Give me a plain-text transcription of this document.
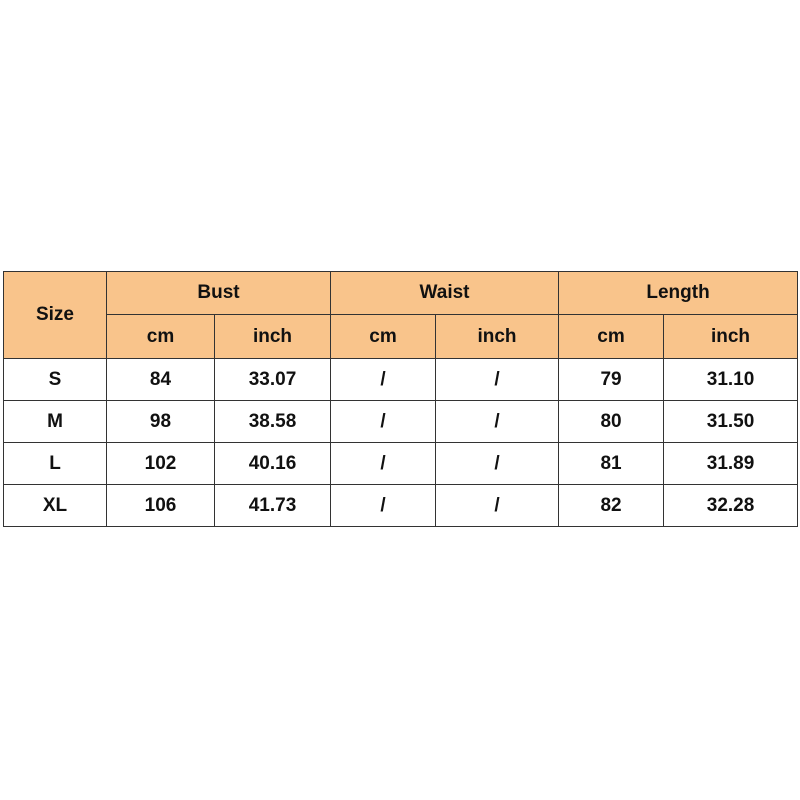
Size	Bust		Waist		Length	
	cm	inch	cm	inch	cm	inch
S	84	33.07	/	/	79	31.10
M	98	38.58	/	/	80	31.50
L	102	40.16	/	/	81	31.89
XL	106	41.73	/	/	82	32.28
